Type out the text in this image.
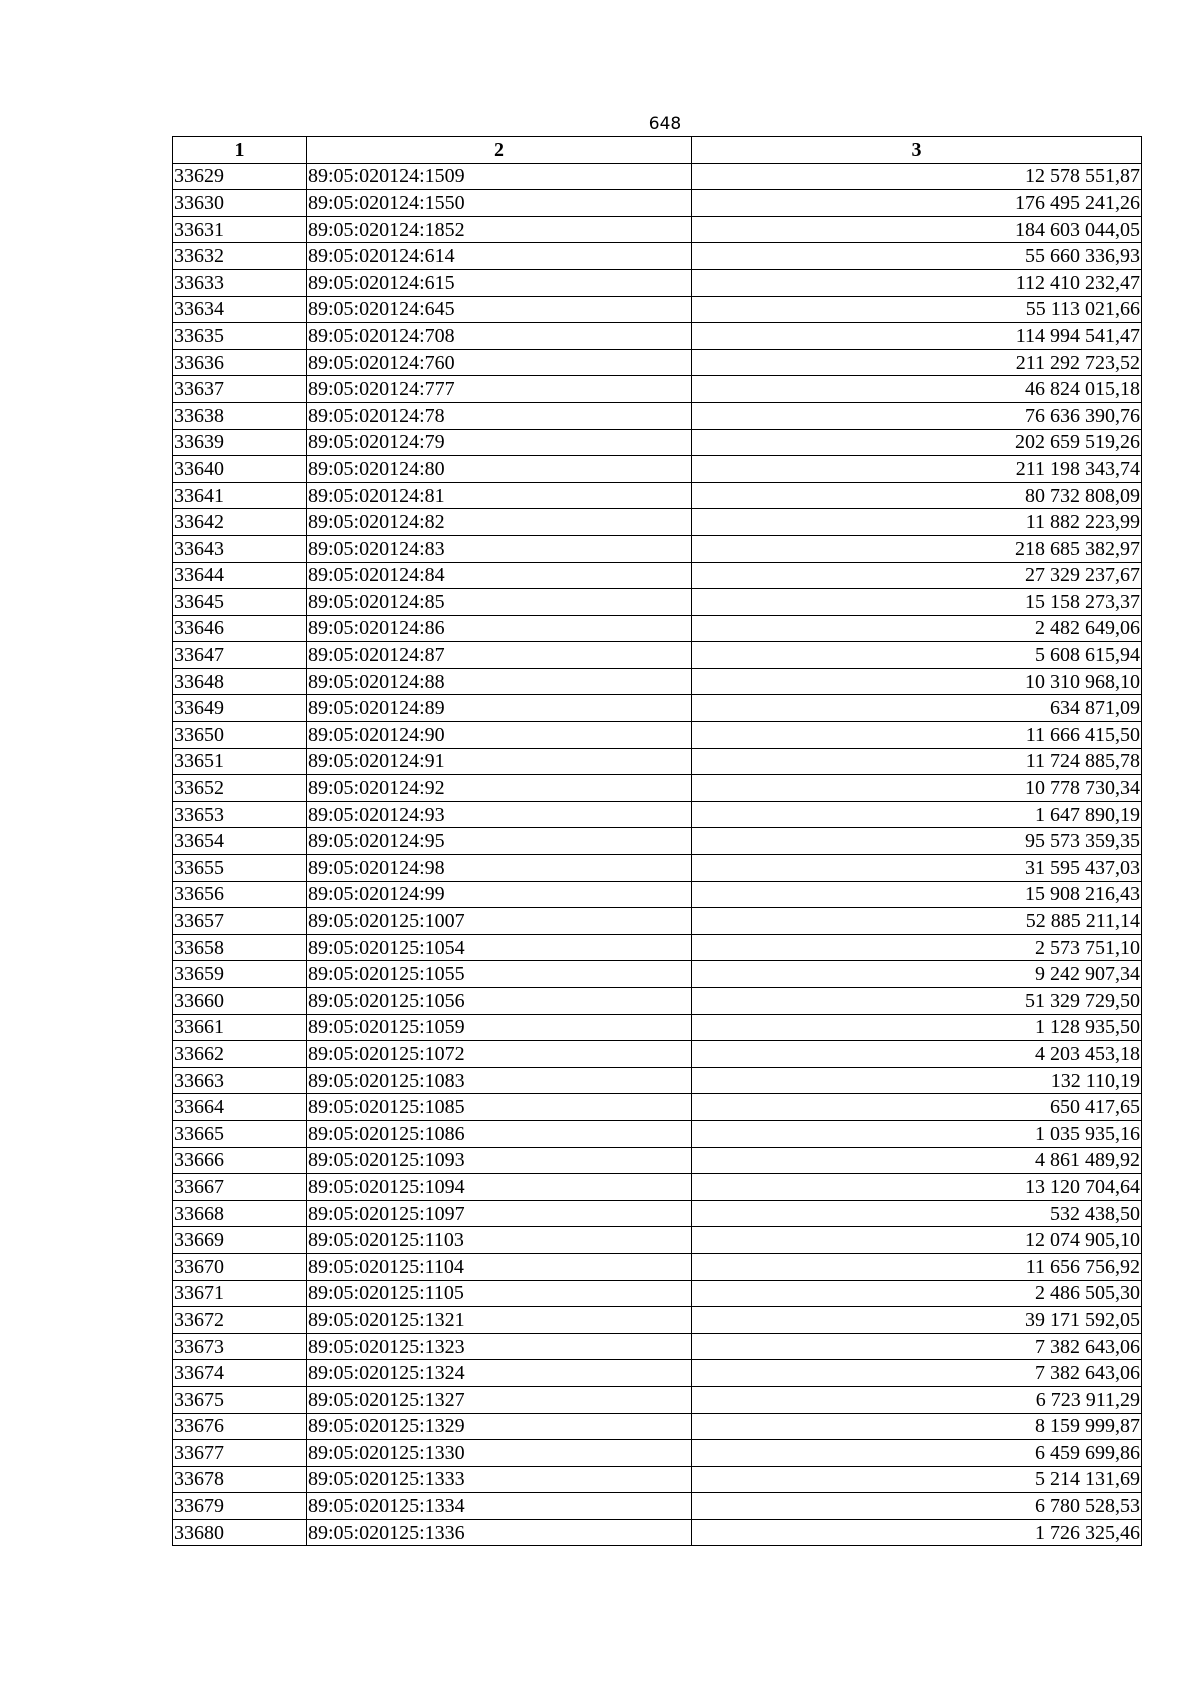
648
1	2	3
33629	89:05:020124:1509	12 578 551,87
33630	89:05:020124:1550	176 495 241,26
33631	89:05:020124:1852	184 603 044,05
33632	89:05:020124:614	55 660 336,93
33633	89:05:020124:615	112 410 232,47
33634	89:05:020124:645	55 113 021,66
33635	89:05:020124:708	114 994 541,47
33636	89:05:020124:760	211 292 723,52
33637	89:05:020124:777	46 824 015,18
33638	89:05:020124:78	76 636 390,76
33639	89:05:020124:79	202 659 519,26
33640	89:05:020124:80	211 198 343,74
33641	89:05:020124:81	80 732 808,09
33642	89:05:020124:82	11 882 223,99
33643	89:05:020124:83	218 685 382,97
33644	89:05:020124:84	27 329 237,67
33645	89:05:020124:85	15 158 273,37
33646	89:05:020124:86	2 482 649,06
33647	89:05:020124:87	5 608 615,94
33648	89:05:020124:88	10 310 968,10
33649	89:05:020124:89	634 871,09
33650	89:05:020124:90	11 666 415,50
33651	89:05:020124:91	11 724 885,78
33652	89:05:020124:92	10 778 730,34
33653	89:05:020124:93	1 647 890,19
33654	89:05:020124:95	95 573 359,35
33655	89:05:020124:98	31 595 437,03
33656	89:05:020124:99	15 908 216,43
33657	89:05:020125:1007	52 885 211,14
33658	89:05:020125:1054	2 573 751,10
33659	89:05:020125:1055	9 242 907,34
33660	89:05:020125:1056	51 329 729,50
33661	89:05:020125:1059	1 128 935,50
33662	89:05:020125:1072	4 203 453,18
33663	89:05:020125:1083	132 110,19
33664	89:05:020125:1085	650 417,65
33665	89:05:020125:1086	1 035 935,16
33666	89:05:020125:1093	4 861 489,92
33667	89:05:020125:1094	13 120 704,64
33668	89:05:020125:1097	532 438,50
33669	89:05:020125:1103	12 074 905,10
33670	89:05:020125:1104	11 656 756,92
33671	89:05:020125:1105	2 486 505,30
33672	89:05:020125:1321	39 171 592,05
33673	89:05:020125:1323	7 382 643,06
33674	89:05:020125:1324	7 382 643,06
33675	89:05:020125:1327	6 723 911,29
33676	89:05:020125:1329	8 159 999,87
33677	89:05:020125:1330	6 459 699,86
33678	89:05:020125:1333	5 214 131,69
33679	89:05:020125:1334	6 780 528,53
33680	89:05:020125:1336	1 726 325,46
